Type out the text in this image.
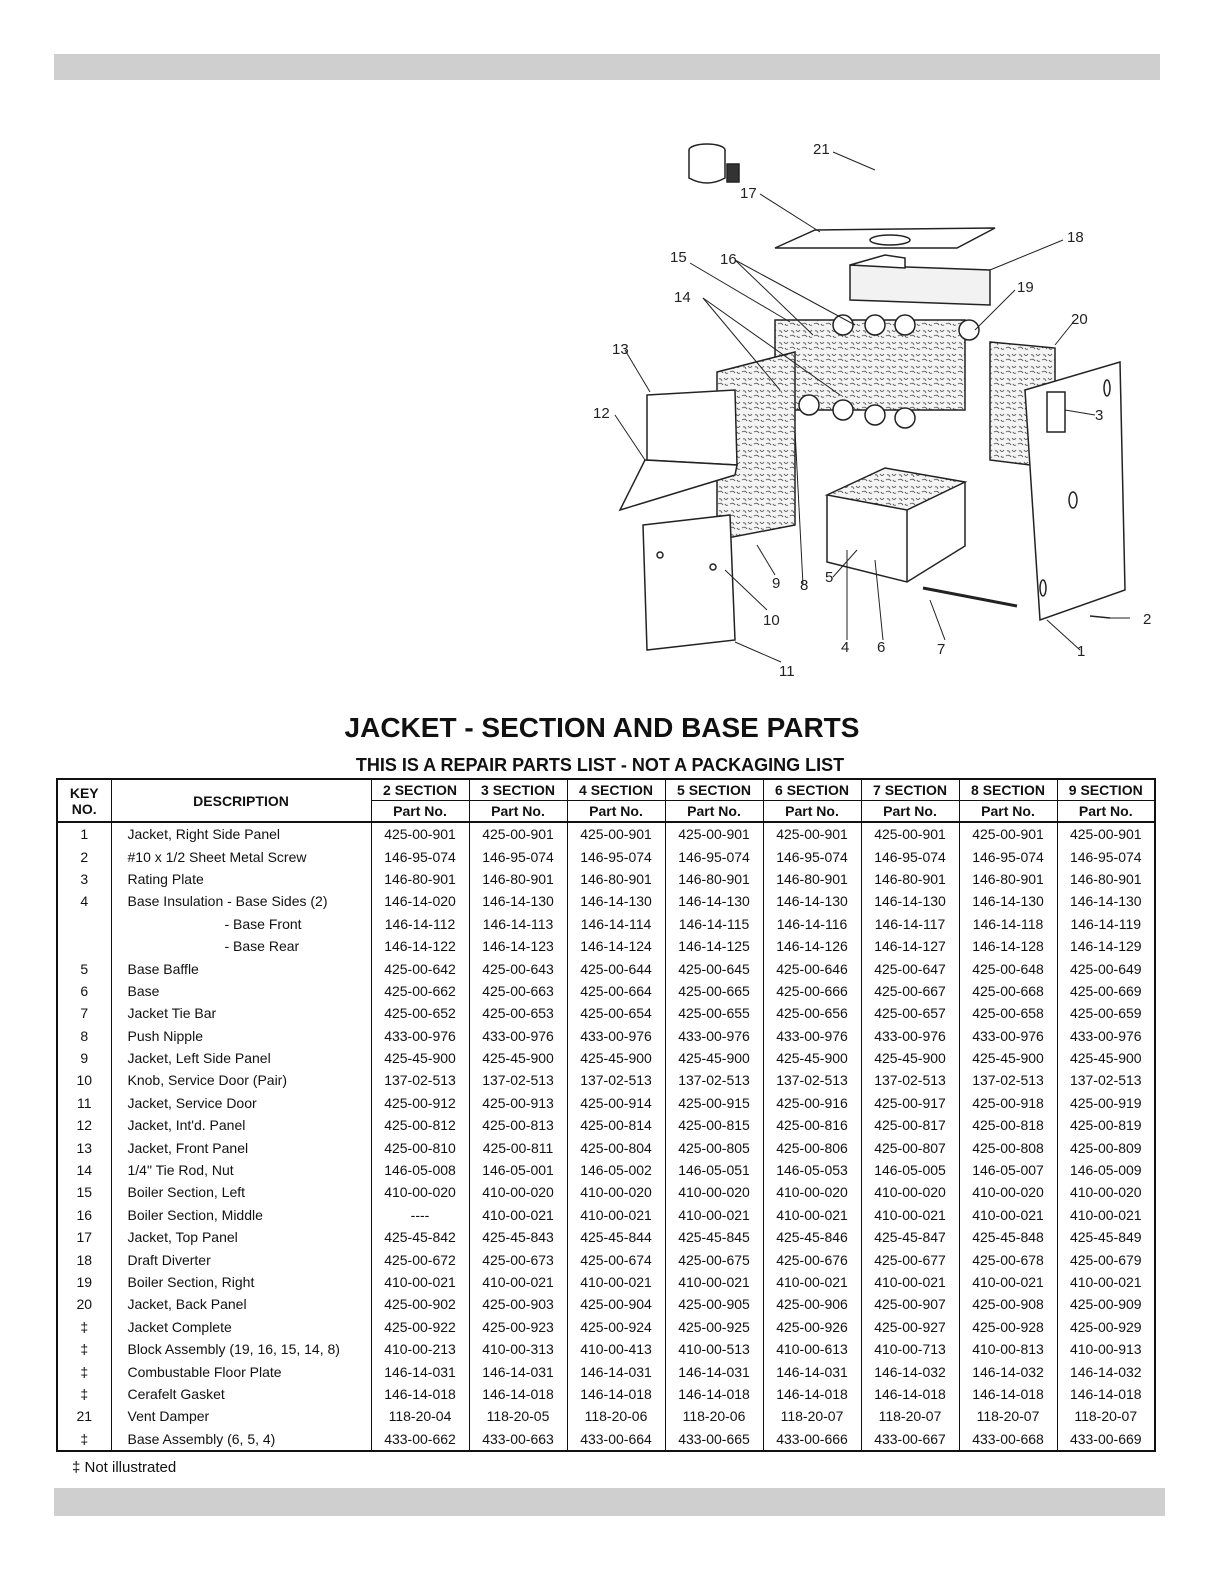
21
17
18
15 16
19
14
20
13
3
12
9 8 5
10
4 6	7
2
1
11
JACKET - SECTION AND BASE PARTS
THIS IS A REPAIR PARTS LIST - NOT A PACKAGING LIST
KEY
NO.	DESCRIPTION	2 SECTION	3 SECTION	4 SECTION	5 SECTION	6 SECTION	7 SECTION	8 SECTION	9 SECTION
		Part No.	Part No.	Part No.	Part No.	Part No.	Part No.	Part No.	Part No.
1	Jacket, Right Side Panel	425-00-901	425-00-901	425-00-901	425-00-901	425-00-901	425-00-901	425-00-901	425-00-901
2	#10 x 1/2 Sheet Metal Screw	146-95-074	146-95-074	146-95-074	146-95-074	146-95-074	146-95-074	146-95-074	146-95-074
3	Rating Plate	146-80-901	146-80-901	146-80-901	146-80-901	146-80-901	146-80-901	146-80-901	146-80-901
4	Base Insulation - Base Sides (2)	146-14-020	146-14-130	146-14-130	146-14-130	146-14-130	146-14-130	146-14-130	146-14-130
	- Base Front	146-14-112	146-14-113	146-14-114	146-14-115	146-14-116	146-14-117	146-14-118	146-14-119
	- Base Rear	146-14-122	146-14-123	146-14-124	146-14-125	146-14-126	146-14-127	146-14-128	146-14-129
5	Base Baffle	425-00-642	425-00-643	425-00-644	425-00-645	425-00-646	425-00-647	425-00-648	425-00-649
6	Base	425-00-662	425-00-663	425-00-664	425-00-665	425-00-666	425-00-667	425-00-668	425-00-669
7	Jacket Tie Bar	425-00-652	425-00-653	425-00-654	425-00-655	425-00-656	425-00-657	425-00-658	425-00-659
8	Push Nipple	433-00-976	433-00-976	433-00-976	433-00-976	433-00-976	433-00-976	433-00-976	433-00-976
9	Jacket, Left Side Panel	425-45-900	425-45-900	425-45-900	425-45-900	425-45-900	425-45-900	425-45-900	425-45-900
10	Knob, Service Door (Pair)	137-02-513	137-02-513	137-02-513	137-02-513	137-02-513	137-02-513	137-02-513	137-02-513
11	Jacket, Service Door	425-00-912	425-00-913	425-00-914	425-00-915	425-00-916	425-00-917	425-00-918	425-00-919
12	Jacket, Int'd. Panel	425-00-812	425-00-813	425-00-814	425-00-815	425-00-816	425-00-817	425-00-818	425-00-819
13	Jacket, Front Panel	425-00-810	425-00-811	425-00-804	425-00-805	425-00-806	425-00-807	425-00-808	425-00-809
14	1/4" Tie Rod, Nut	146-05-008	146-05-001	146-05-002	146-05-051	146-05-053	146-05-005	146-05-007	146-05-009
15	Boiler Section, Left	410-00-020	410-00-020	410-00-020	410-00-020	410-00-020	410-00-020	410-00-020	410-00-020
16	Boiler Section, Middle	----	410-00-021	410-00-021	410-00-021	410-00-021	410-00-021	410-00-021	410-00-021
17	Jacket, Top Panel	425-45-842	425-45-843	425-45-844	425-45-845	425-45-846	425-45-847	425-45-848	425-45-849
18	Draft Diverter	425-00-672	425-00-673	425-00-674	425-00-675	425-00-676	425-00-677	425-00-678	425-00-679
19	Boiler Section, Right	410-00-021	410-00-021	410-00-021	410-00-021	410-00-021	410-00-021	410-00-021	410-00-021
20	Jacket, Back Panel	425-00-902	425-00-903	425-00-904	425-00-905	425-00-906	425-00-907	425-00-908	425-00-909
‡	Jacket Complete	425-00-922	425-00-923	425-00-924	425-00-925	425-00-926	425-00-927	425-00-928	425-00-929
‡	Block Assembly (19, 16, 15, 14, 8)	410-00-213	410-00-313	410-00-413	410-00-513	410-00-613	410-00-713	410-00-813	410-00-913
‡	Combustable Floor Plate	146-14-031	146-14-031	146-14-031	146-14-031	146-14-031	146-14-032	146-14-032	146-14-032
‡	Cerafelt Gasket	146-14-018	146-14-018	146-14-018	146-14-018	146-14-018	146-14-018	146-14-018	146-14-018
21	Vent Damper	118-20-04	118-20-05	118-20-06	118-20-06	118-20-07	118-20-07	118-20-07	118-20-07
‡	Base Assembly (6, 5, 4)	433-00-662	433-00-663	433-00-664	433-00-665	433-00-666	433-00-667	433-00-668	433-00-669
‡ Not illustrated
